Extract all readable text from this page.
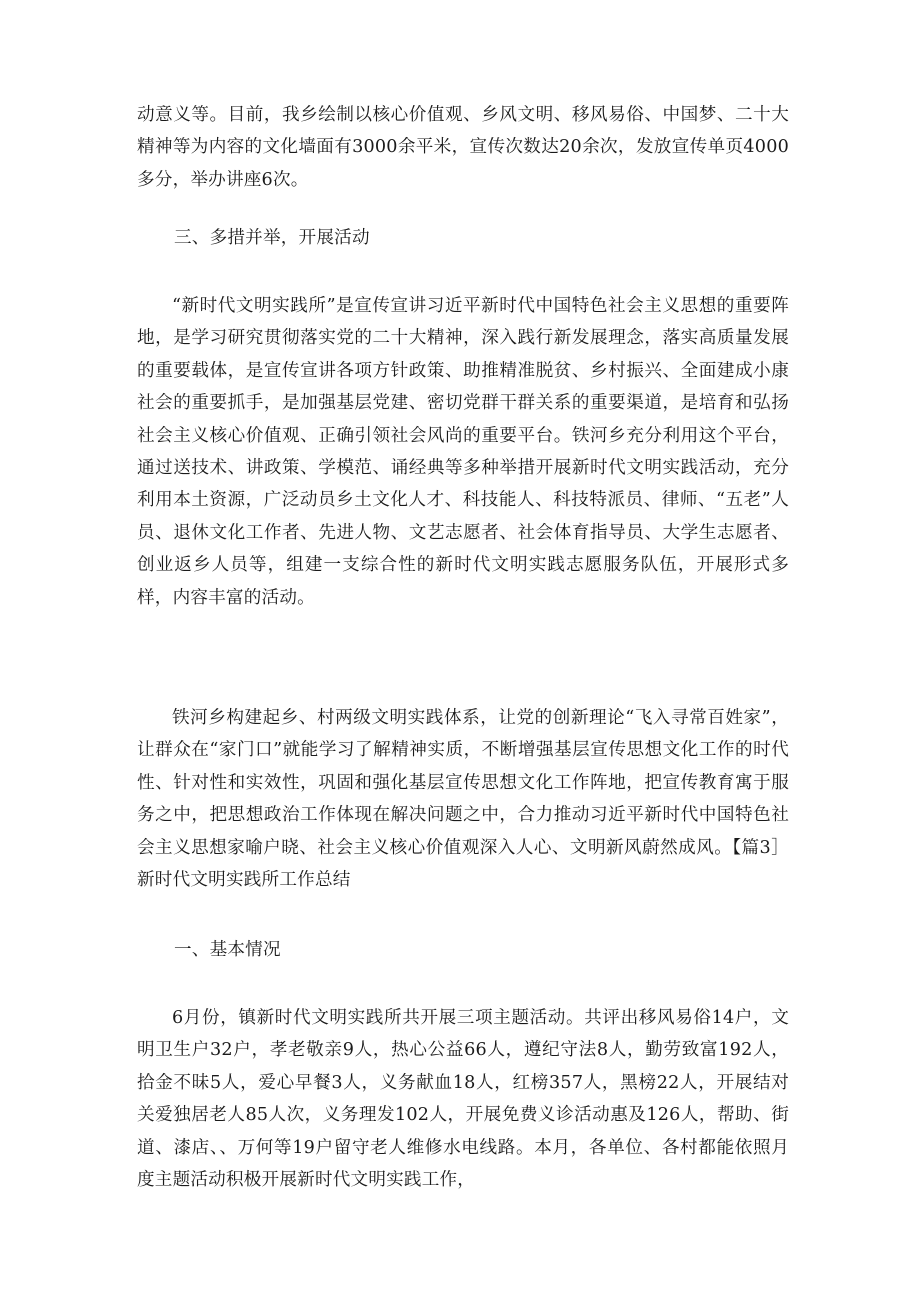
动意义等。目前，我乡绘制以核心价值观、乡风文明、移风易俗、中国梦、二十大精神等为内容的文化墙面有3000余平米，宣传次数达20余次，发放宣传单页4000多分，举办讲座6次。

三、多措并举，开展活动

“新时代文明实践所”是宣传宣讲习近平新时代中国特色社会主义思想的重要阵地，是学习研究贯彻落实党的二十大精神，深入践行新发展理念，落实高质量发展的重要载体，是宣传宣讲各项方针政策、助推精准脱贫、乡村振兴、全面建成小康社会的重要抓手，是加强基层党建、密切党群干群关系的重要渠道，是培育和弘扬社会主义核心价值观、正确引领社会风尚的重要平台。铁河乡充分利用这个平台，通过送技术、讲政策、学模范、诵经典等多种举措开展新时代文明实践活动，充分利用本土资源，广泛动员乡土文化人才、科技能人、科技特派员、律师、“五老”人员、退休文化工作者、先进人物、文艺志愿者、社会体育指导员、大学生志愿者、创业返乡人员等，组建一支综合性的新时代文明实践志愿服务队伍，开展形式多样，内容丰富的活动。

铁河乡构建起乡、村两级文明实践体系，让党的创新理论“飞入寻常百姓家”，让群众在“家门口”就能学习了解精神实质，不断增强基层宣传思想文化工作的时代性、针对性和实效性，巩固和强化基层宣传思想文化工作阵地，把宣传教育寓于服务之中，把思想政治工作体现在解决问题之中，合力推动习近平新时代中国特色社会主义思想家喻户晓、社会主义核心价值观深入人心、文明新风蔚然成风。【篇3］新时代文明实践所工作总结

一、基本情况

6月份，镇新时代文明实践所共开展三项主题活动。共评出移风易俗14户，文明卫生户32户，孝老敬亲9人，热心公益66人，遵纪守法8人，勤劳致富192人，拾金不昧5人，爱心早餐3人，义务献血18人，红榜357人，黑榜22人，开展结对关爱独居老人85人次，义务理发102人，开展免费义诊活动惠及126人，帮助、街道、漆店、、万何等19户留守老人维修水电线路。本月，各单位、各村都能依照月度主题活动积极开展新时代文明实践工作，
